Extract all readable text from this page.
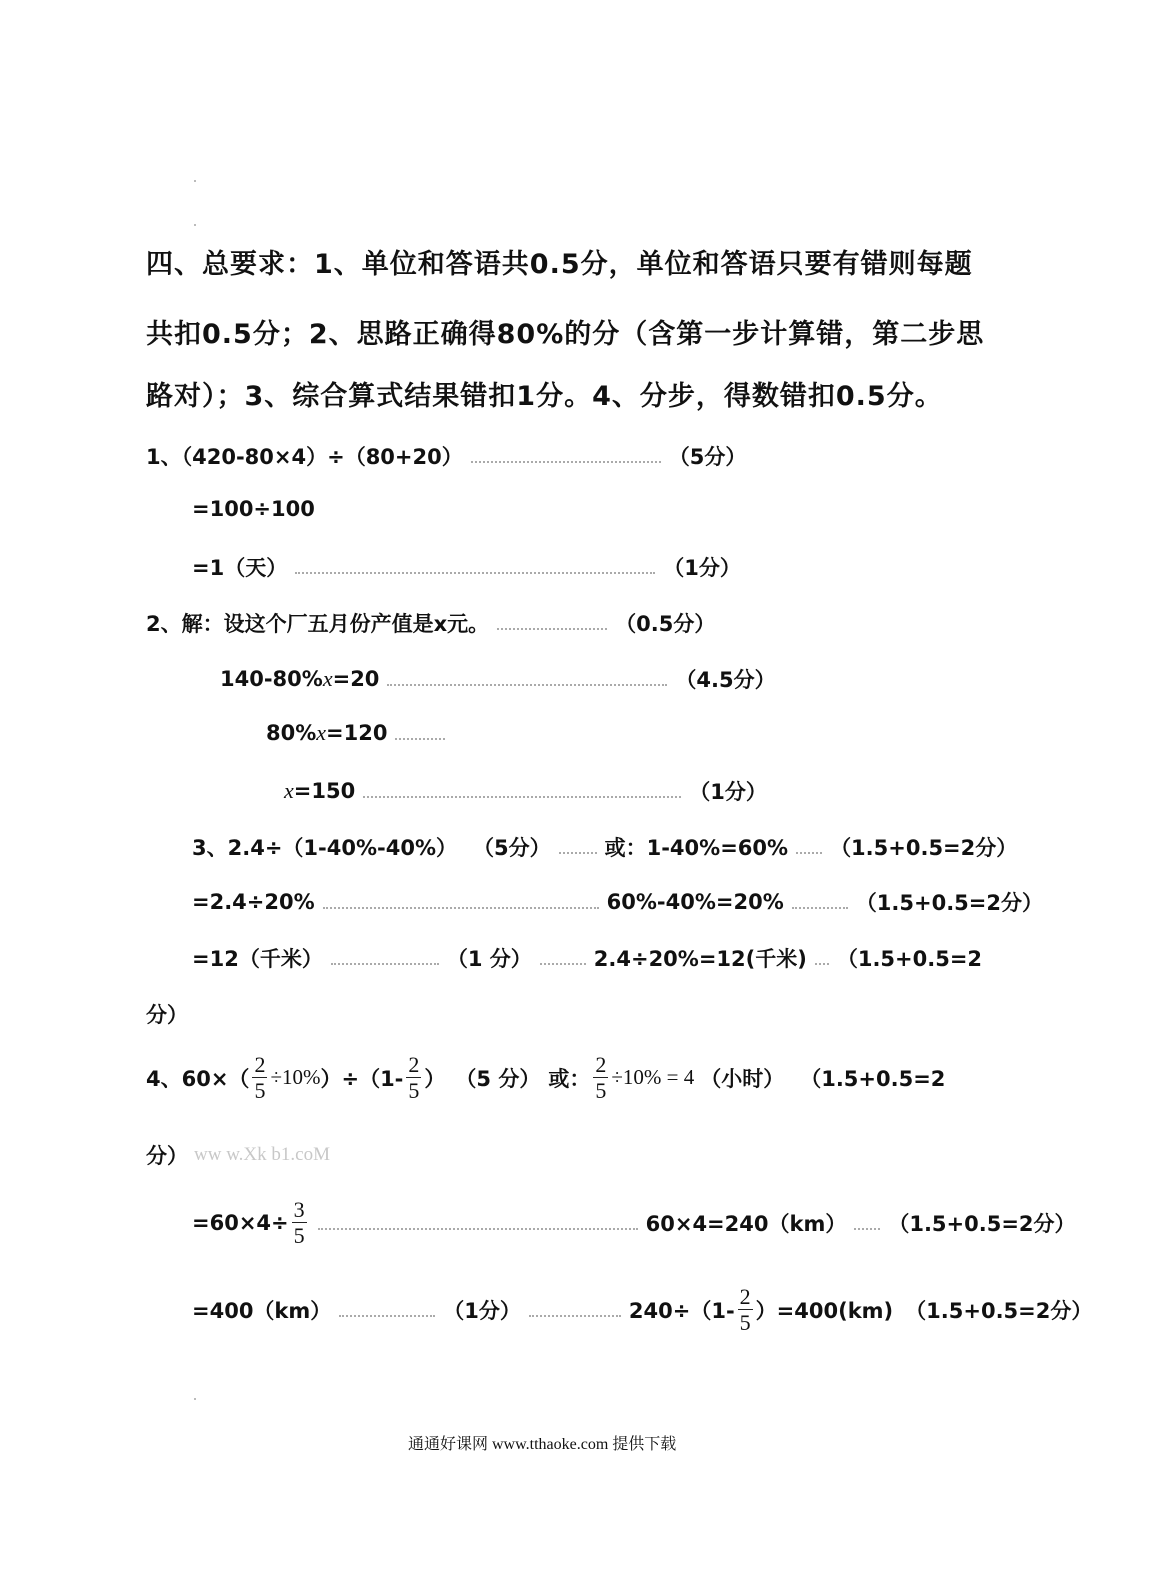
四、总要求：1、单位和答语共0.5分，单位和答语只要有错则每题
共扣0.5分；2、思路正确得80%的分（含第一步计算错，第二步思
路对）；3、综合算式结果错扣1分。4、分步，得数错扣0.5分。
1、（420-80×4）÷（80+20）	（5分）
=100÷100
=1（天）	（1分）
2、解：设这个厂五月份产值是x元。	（0.5分）
140-80% x =20	（4.5分）
80% x =120
x =150	（1分）
3、2.4÷（1-40%-40%） （5分）	或：1-40%=60% （1.5+0.5=2分）
=2.4÷20%	60%-40%=20%	（1.5+0.5=2分）
=12（千米）	（1 分）	2.4÷20%=12(千米) （1.5+0.5=2
分）
4、$60\times( \frac{2}{5} \div 10\%$ ）$\div(1- \frac{2}{5}$ ） （5 分） 或： $\frac{2}{5} \div 10\% = 4$ （小时） （1.5+0.5=2
分） ww w.Xk b1.coM
$=60\times 4\div \frac{3}{5}$	60×4=240（km） （1.5+0.5=2分）
=400（km）	（1分）	$240\div(1- \frac{2}{5} )=400(km)$ （1.5+0.5=2分）
通通好课网 www.tthaoke.com 提供下载
